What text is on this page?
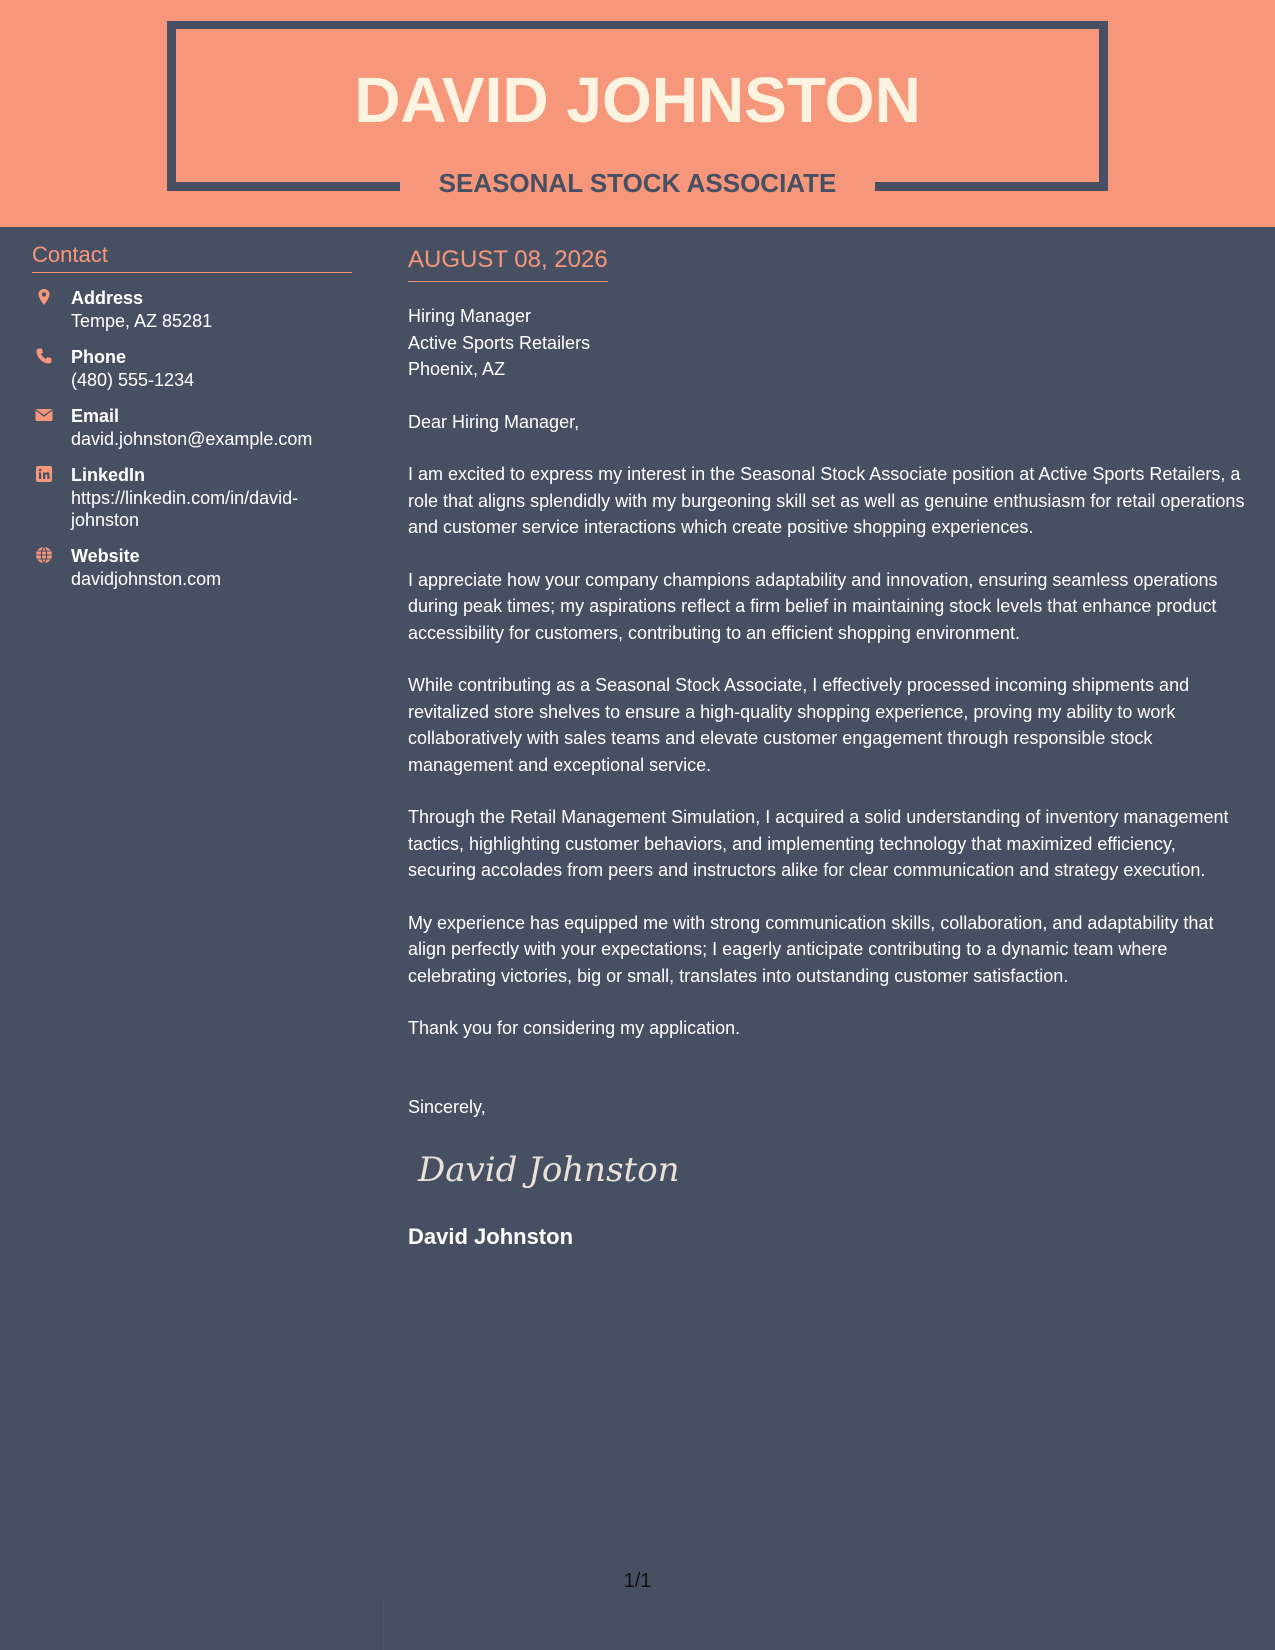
DAVID JOHNSTON
SEASONAL STOCK ASSOCIATE
Contact
Address
Tempe, AZ 85281
Phone
(480) 555-1234
Email
david.johnston@example.com
LinkedIn
https://linkedin.com/in/david-johnston
Website
davidjohnston.com
AUGUST 08, 2026
Hiring Manager
Active Sports Retailers
Phoenix, AZ
Dear Hiring Manager,
I am excited to express my interest in the Seasonal Stock Associate position at Active Sports Retailers, a role that aligns splendidly with my burgeoning skill set as well as genuine enthusiasm for retail operations and customer service interactions which create positive shopping experiences.
I appreciate how your company champions adaptability and innovation, ensuring seamless operations during peak times; my aspirations reflect a firm belief in maintaining stock levels that enhance product accessibility for customers, contributing to an efficient shopping environment.
While contributing as a Seasonal Stock Associate, I effectively processed incoming shipments and revitalized store shelves to ensure a high-quality shopping experience, proving my ability to work collaboratively with sales teams and elevate customer engagement through responsible stock management and exceptional service.
Through the Retail Management Simulation, I acquired a solid understanding of inventory management tactics, highlighting customer behaviors, and implementing technology that maximized efficiency, securing accolades from peers and instructors alike for clear communication and strategy execution.
My experience has equipped me with strong communication skills, collaboration, and adaptability that align perfectly with your expectations; I eagerly anticipate contributing to a dynamic team where celebrating victories, big or small, translates into outstanding customer satisfaction.
Thank you for considering my application.
Sincerely,
David Johnston
David Johnston
1/1
